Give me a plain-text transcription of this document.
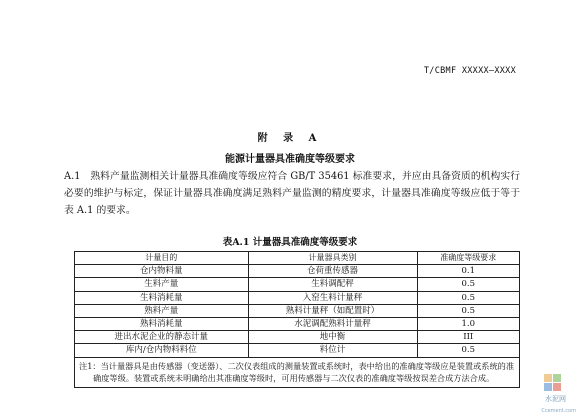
T/CBMF XXXXX—XXXX
附 录 A
能源计量器具准确度等级要求
A.1　熟料产量监测相关计量器具准确度等级应符合 GB/T 35461 标准要求，并应由具备资质的机构实行必要的维护与标定，保证计量器具准确度满足熟料产量监测的精度要求，计量器具准确度等级应低于等于表 A.1 的要求。
表A.1 计量器具准确度等级要求
计量目的	计量器具类别	准确度等级要求
仓内物料量	仓荷重传感器	0.1
生料产量	生料调配秤	0.5
生料消耗量	入窑生料计量秤	0.5
熟料产量	熟料计量秤（如配置时）	0.5
熟料消耗量	水泥调配熟料计量秤	1.0
进出水泥企业的静态计量	地中衡	III
库内/仓内物料料位	料位计	0.5
注1：当计量器具是由传感器（变送器）、二次仪表组成的测量装置或系统时，表中给出的准确度等级应是装置或系统的准确度等级。装置或系统未明确给出其准确度等级时，可用传感器与二次仪表的准确度等级按误差合成方法合成。		
水泥网
Ccement.com
